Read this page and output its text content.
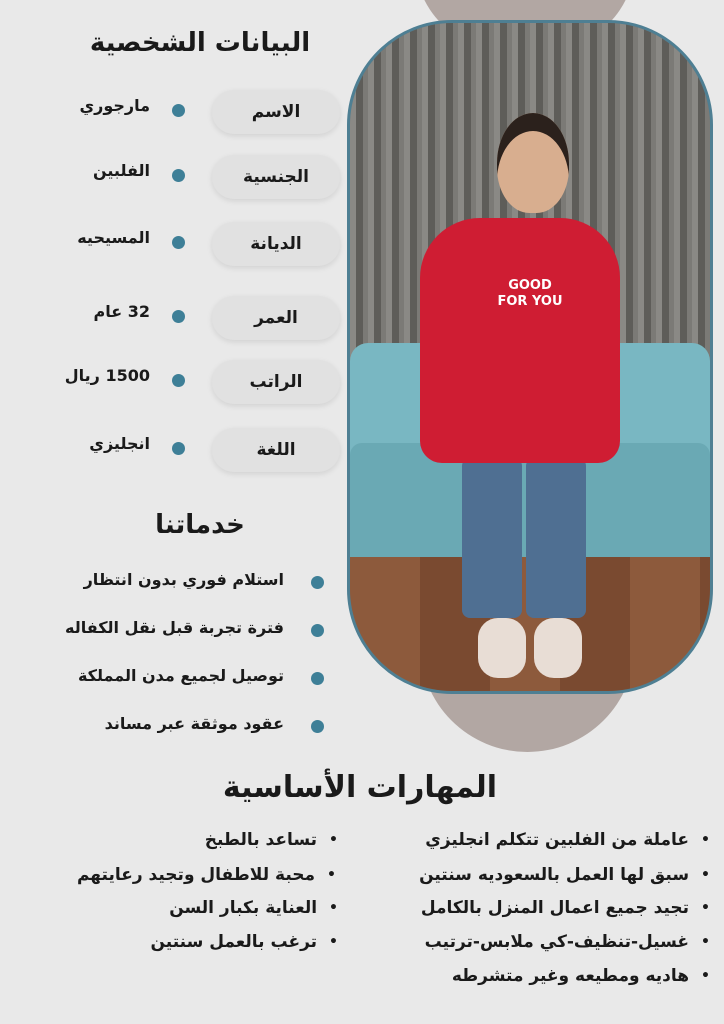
GOOD
FOR YOU
البيانات الشخصية
الاسم
مارجوري
الجنسية
الفلبين
الديانة
المسيحيه
العمر
32 عام
الراتب
1500 ريال
اللغة
انجليزي
خدماتنا
استلام فوري بدون انتظار
فترة تجربة قبل نقل الكفاله
توصيل لجميع مدن المملكة
عقود موثقة عبر مساند
المهارات الأساسية
•
عاملة من الفلبين تتكلم انجليزي
•
سبق لها العمل بالسعوديه سنتين
•
تجيد جميع اعمال المنزل بالكامل
•
غسيل-تنظيف-كي ملابس-ترتيب
•
هاديه ومطيعه وغير متشرطه
•
تساعد بالطبخ
•
محبة للاطفال وتجيد رعايتهم
•
العناية بكبار السن
•
ترغب بالعمل سنتين
